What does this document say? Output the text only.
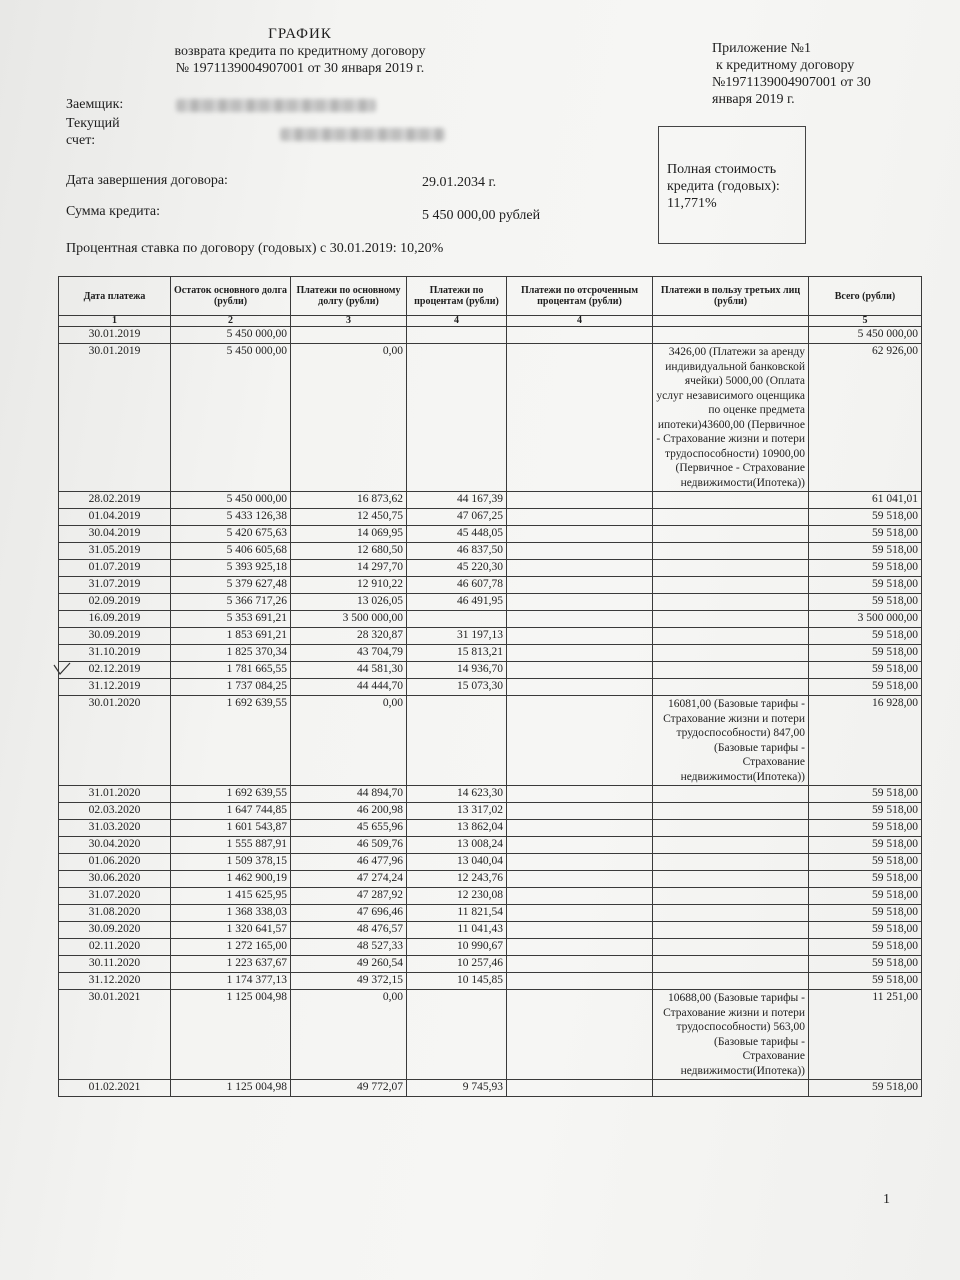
ГРАФИК
возврата кредита по кредитному договору
№ 1971139004907001 от 30 января 2019 г.
Приложение №1
к кредитному договору
№1971139004907001 от 30
января 2019 г.
Заемщик:
Текущий
счет:
Дата завершения договора:	29.01.2034 г.
Сумма кредита:	5 450 000,00 рублей
Процентная ставка по договору (годовых) с 30.01.2019: 10,20%
Полная стоимость
кредита (годовых):
11,771%
Дата платежа	Остаток основного долга (рубли)	Платежи по основному долгу (рубли)	Платежи по процентам (рубли)	Платежи по отсроченным процентам (рубли)	Платежи в пользу третьих лиц (рубли)	Всего (рубли)
1	2	3	4	4		5
30.01.2019	5 450 000,00					5 450 000,00
30.01.2019	5 450 000,00	0,00			3426,00 (Платежи за аренду индивидуальной банковской ячейки) 5000,00 (Оплата услуг независимого оценщика по оценке предмета ипотеки)43600,00 (Первичное - Страхование жизни и потери трудоспособности) 10900,00 (Первичное - Страхование недвижимости(Ипотека))	62 926,00
28.02.2019	5 450 000,00	16 873,62	44 167,39			61 041,01
01.04.2019	5 433 126,38	12 450,75	47 067,25			59 518,00
30.04.2019	5 420 675,63	14 069,95	45 448,05			59 518,00
31.05.2019	5 406 605,68	12 680,50	46 837,50			59 518,00
01.07.2019	5 393 925,18	14 297,70	45 220,30			59 518,00
31.07.2019	5 379 627,48	12 910,22	46 607,78			59 518,00
02.09.2019	5 366 717,26	13 026,05	46 491,95			59 518,00
16.09.2019	5 353 691,21	3 500 000,00				3 500 000,00
30.09.2019	1 853 691,21	28 320,87	31 197,13			59 518,00
31.10.2019	1 825 370,34	43 704,79	15 813,21			59 518,00
02.12.2019	1 781 665,55	44 581,30	14 936,70			59 518,00
31.12.2019	1 737 084,25	44 444,70	15 073,30			59 518,00
30.01.2020	1 692 639,55	0,00			16081,00 (Базовые тарифы - Страхование жизни и потери трудоспособности) 847,00 (Базовые тарифы - Страхование недвижимости(Ипотека))	16 928,00
31.01.2020	1 692 639,55	44 894,70	14 623,30			59 518,00
02.03.2020	1 647 744,85	46 200,98	13 317,02			59 518,00
31.03.2020	1 601 543,87	45 655,96	13 862,04			59 518,00
30.04.2020	1 555 887,91	46 509,76	13 008,24			59 518,00
01.06.2020	1 509 378,15	46 477,96	13 040,04			59 518,00
30.06.2020	1 462 900,19	47 274,24	12 243,76			59 518,00
31.07.2020	1 415 625,95	47 287,92	12 230,08			59 518,00
31.08.2020	1 368 338,03	47 696,46	11 821,54			59 518,00
30.09.2020	1 320 641,57	48 476,57	11 041,43			59 518,00
02.11.2020	1 272 165,00	48 527,33	10 990,67			59 518,00
30.11.2020	1 223 637,67	49 260,54	10 257,46			59 518,00
31.12.2020	1 174 377,13	49 372,15	10 145,85			59 518,00
30.01.2021	1 125 004,98	0,00			10688,00 (Базовые тарифы - Страхование жизни и потери трудоспособности) 563,00 (Базовые тарифы - Страхование недвижимости(Ипотека))	11 251,00
01.02.2021	1 125 004,98	49 772,07	9 745,93			59 518,00
1
